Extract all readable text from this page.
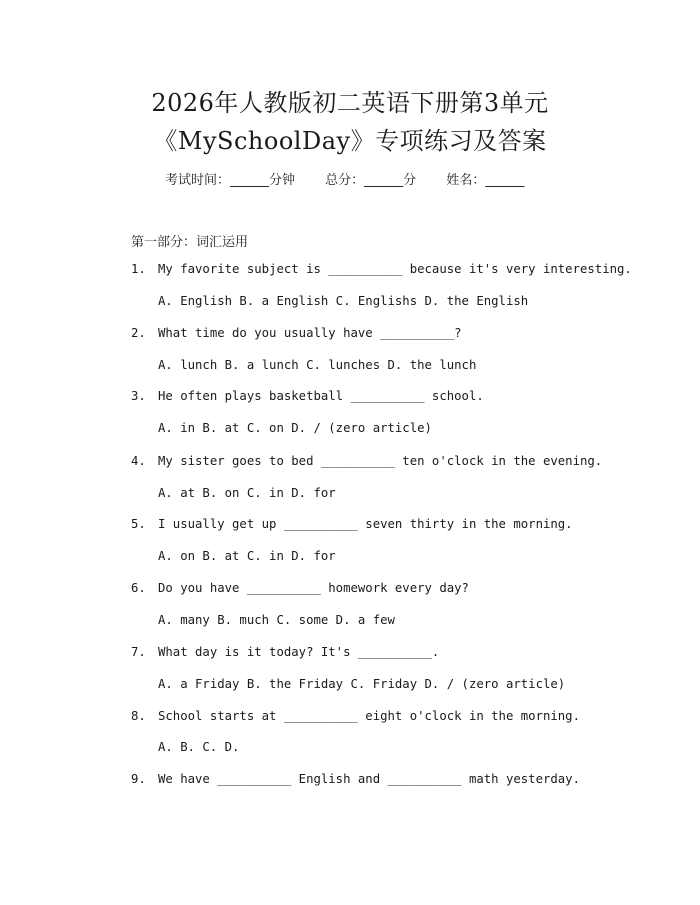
2026年人教版初二英语下册第3单元
《MySchoolDay》专项练习及答案
考试时间：______分钟 总分：______分 姓名：______
第一部分：词汇运用
1. My favorite subject is __________ because it's very interesting.
A. English B. a English C. Englishs D. the English
2. What time do you usually have __________?
A. lunch B. a lunch C. lunches D. the lunch
3. He often plays basketball __________ school.
A. in B. at C. on D. / (zero article)
4. My sister goes to bed __________ ten o'clock in the evening.
A. at B. on C. in D. for
5. I usually get up __________ seven thirty in the morning.
A. on B. at C. in D. for
6. Do you have __________ homework every day?
A. many B. much C. some D. a few
7. What day is it today? It's __________.
A. a Friday B. the Friday C. Friday D. / (zero article)
8. School starts at __________ eight o'clock in the morning.
A. B. C. D.
9. We have __________ English and __________ math yesterday.
